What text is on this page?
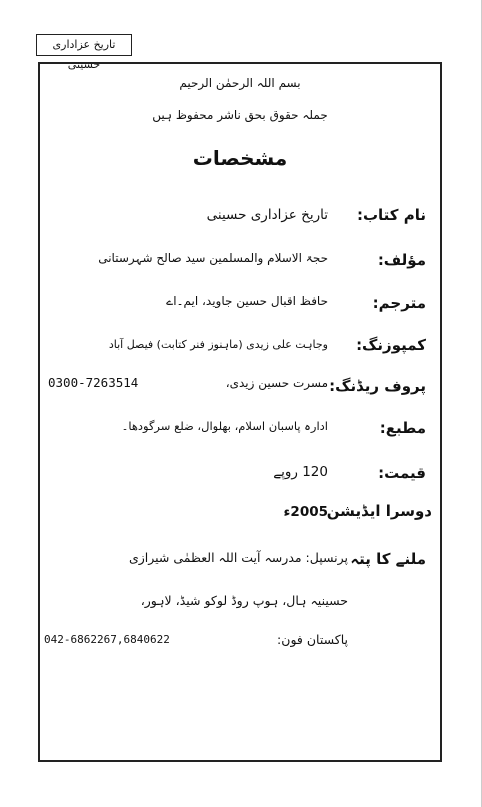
تاریخ عزاداری حسینی
بسم اللہ الرحمٰن الرحیم
جملہ حقوق بحق ناشر محفوظ ہیں
مشخصات
نام کتاب:
تاریخ عزاداری حسینی
مؤلف:
حجۃ الاسلام والمسلمین سید صالح شہرستانی
مترجم:
حافظ اقبال حسین جاوید، ایم۔اے
کمپوزنگ:
وجاہت علی زیدی (ماہنوز فنر کتابت) فیصل آباد
پروف ریڈنگ:
مسرت حسین زیدی،
0300-7263514
مطبع:
ادارہ پاسبان اسلام، بھلوال، ضلع سرگودھا۔
قیمت:
120 روپے
دوسرا ایڈیشن
2005ء
ملنے کا پتہ
پرنسپل: مدرسہ آیت اللہ العظمٰی شیرازی
حسینیہ ہال، ہوپ روڈ لوکو شیڈ، لاہور،
پاکستان فون:
042-6862267,6840622
